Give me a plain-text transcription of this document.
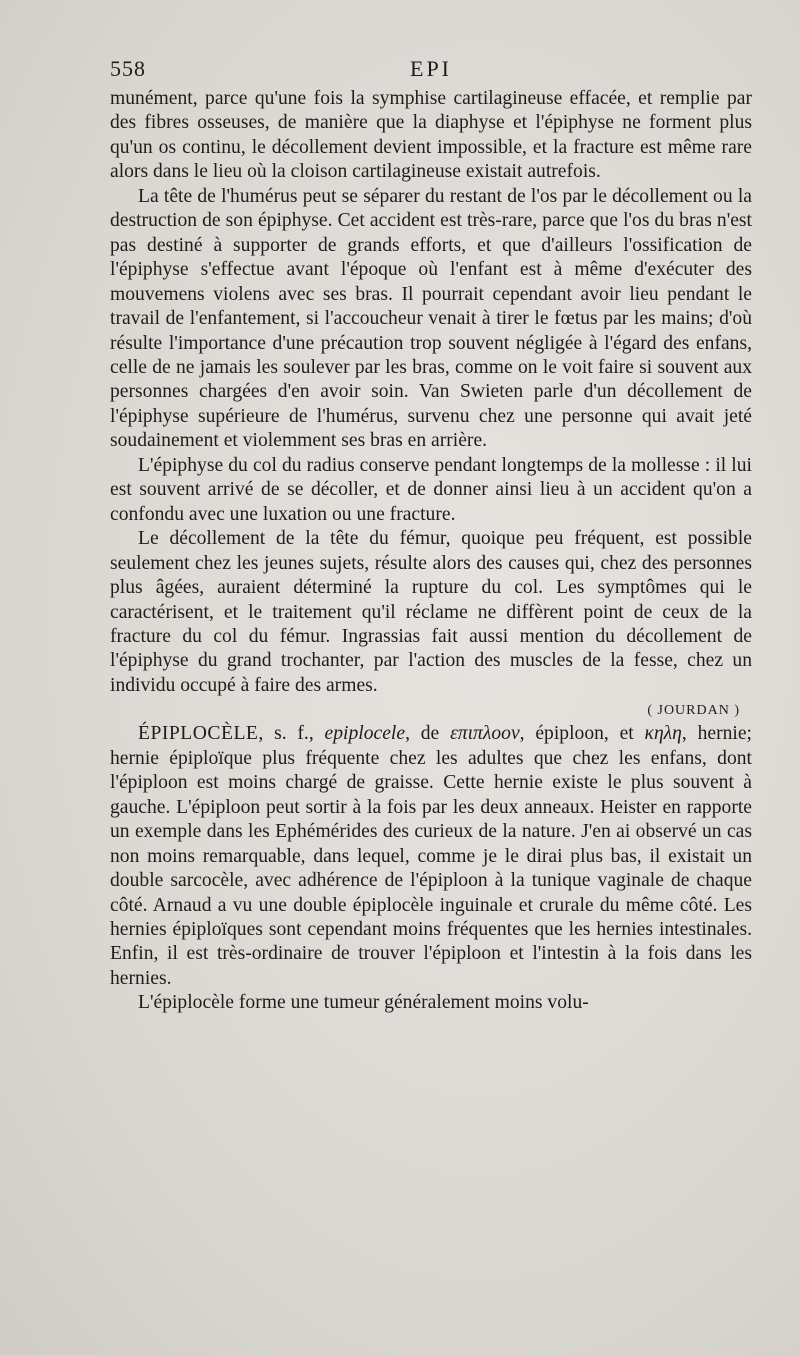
558	EPI

munément, parce qu'une fois la symphise cartilagineuse effacée, et remplie par des fibres osseuses, de manière que la diaphyse et l'épiphyse ne forment plus qu'un os continu, le décollement devient impossible, et la fracture est même rare alors dans le lieu où la cloison cartilagineuse existait autrefois.

La tête de l'humérus peut se séparer du restant de l'os par le décollement ou la destruction de son épiphyse. Cet accident est très-rare, parce que l'os du bras n'est pas destiné à supporter de grands efforts, et que d'ailleurs l'ossification de l'épiphyse s'effectue avant l'époque où l'enfant est à même d'exécuter des mouvemens violens avec ses bras. Il pourrait cependant avoir lieu pendant le travail de l'enfantement, si l'accoucheur venait à tirer le fœtus par les mains; d'où résulte l'importance d'une précaution trop souvent négligée à l'égard des enfans, celle de ne jamais les soulever par les bras, comme on le voit faire si souvent aux personnes chargées d'en avoir soin. Van Swieten parle d'un décollement de l'épiphyse supérieure de l'humérus, survenu chez une personne qui avait jeté soudainement et violemment ses bras en arrière.

L'épiphyse du col du radius conserve pendant longtemps de la mollesse : il lui est souvent arrivé de se décoller, et de donner ainsi lieu à un accident qu'on a confondu avec une luxation ou une fracture.

Le décollement de la tête du fémur, quoique peu fréquent, est possible seulement chez les jeunes sujets, résulte alors des causes qui, chez des personnes plus âgées, auraient déterminé la rupture du col. Les symptômes qui le caractérisent, et le traitement qu'il réclame ne diffèrent point de ceux de la fracture du col du fémur. Ingrassias fait aussi mention du décollement de l'épiphyse du grand trochanter, par l'action des muscles de la fesse, chez un individu occupé à faire des armes.

( JOURDAN )

ÉPIPLOCÈLE, s. f., epiplocele, de επιπλοον, épiploon, et κηλη, hernie; hernie épiploïque plus fréquente chez les adultes que chez les enfans, dont l'épiploon est moins chargé de graisse. Cette hernie existe le plus souvent à gauche. L'épiploon peut sortir à la fois par les deux anneaux. Heister en rapporte un exemple dans les Ephémérides des curieux de la nature. J'en ai observé un cas non moins remarquable, dans lequel, comme je le dirai plus bas, il existait un double sarcocèle, avec adhérence de l'épiploon à la tunique vaginale de chaque côté. Arnaud a vu une double épiplocèle inguinale et crurale du même côté. Les hernies épiploïques sont cependant moins fréquentes que les hernies intestinales. Enfin, il est très-ordinaire de trouver l'épiploon et l'intestin à la fois dans les hernies.

L'épiplocèle forme une tumeur généralement moins volu-
